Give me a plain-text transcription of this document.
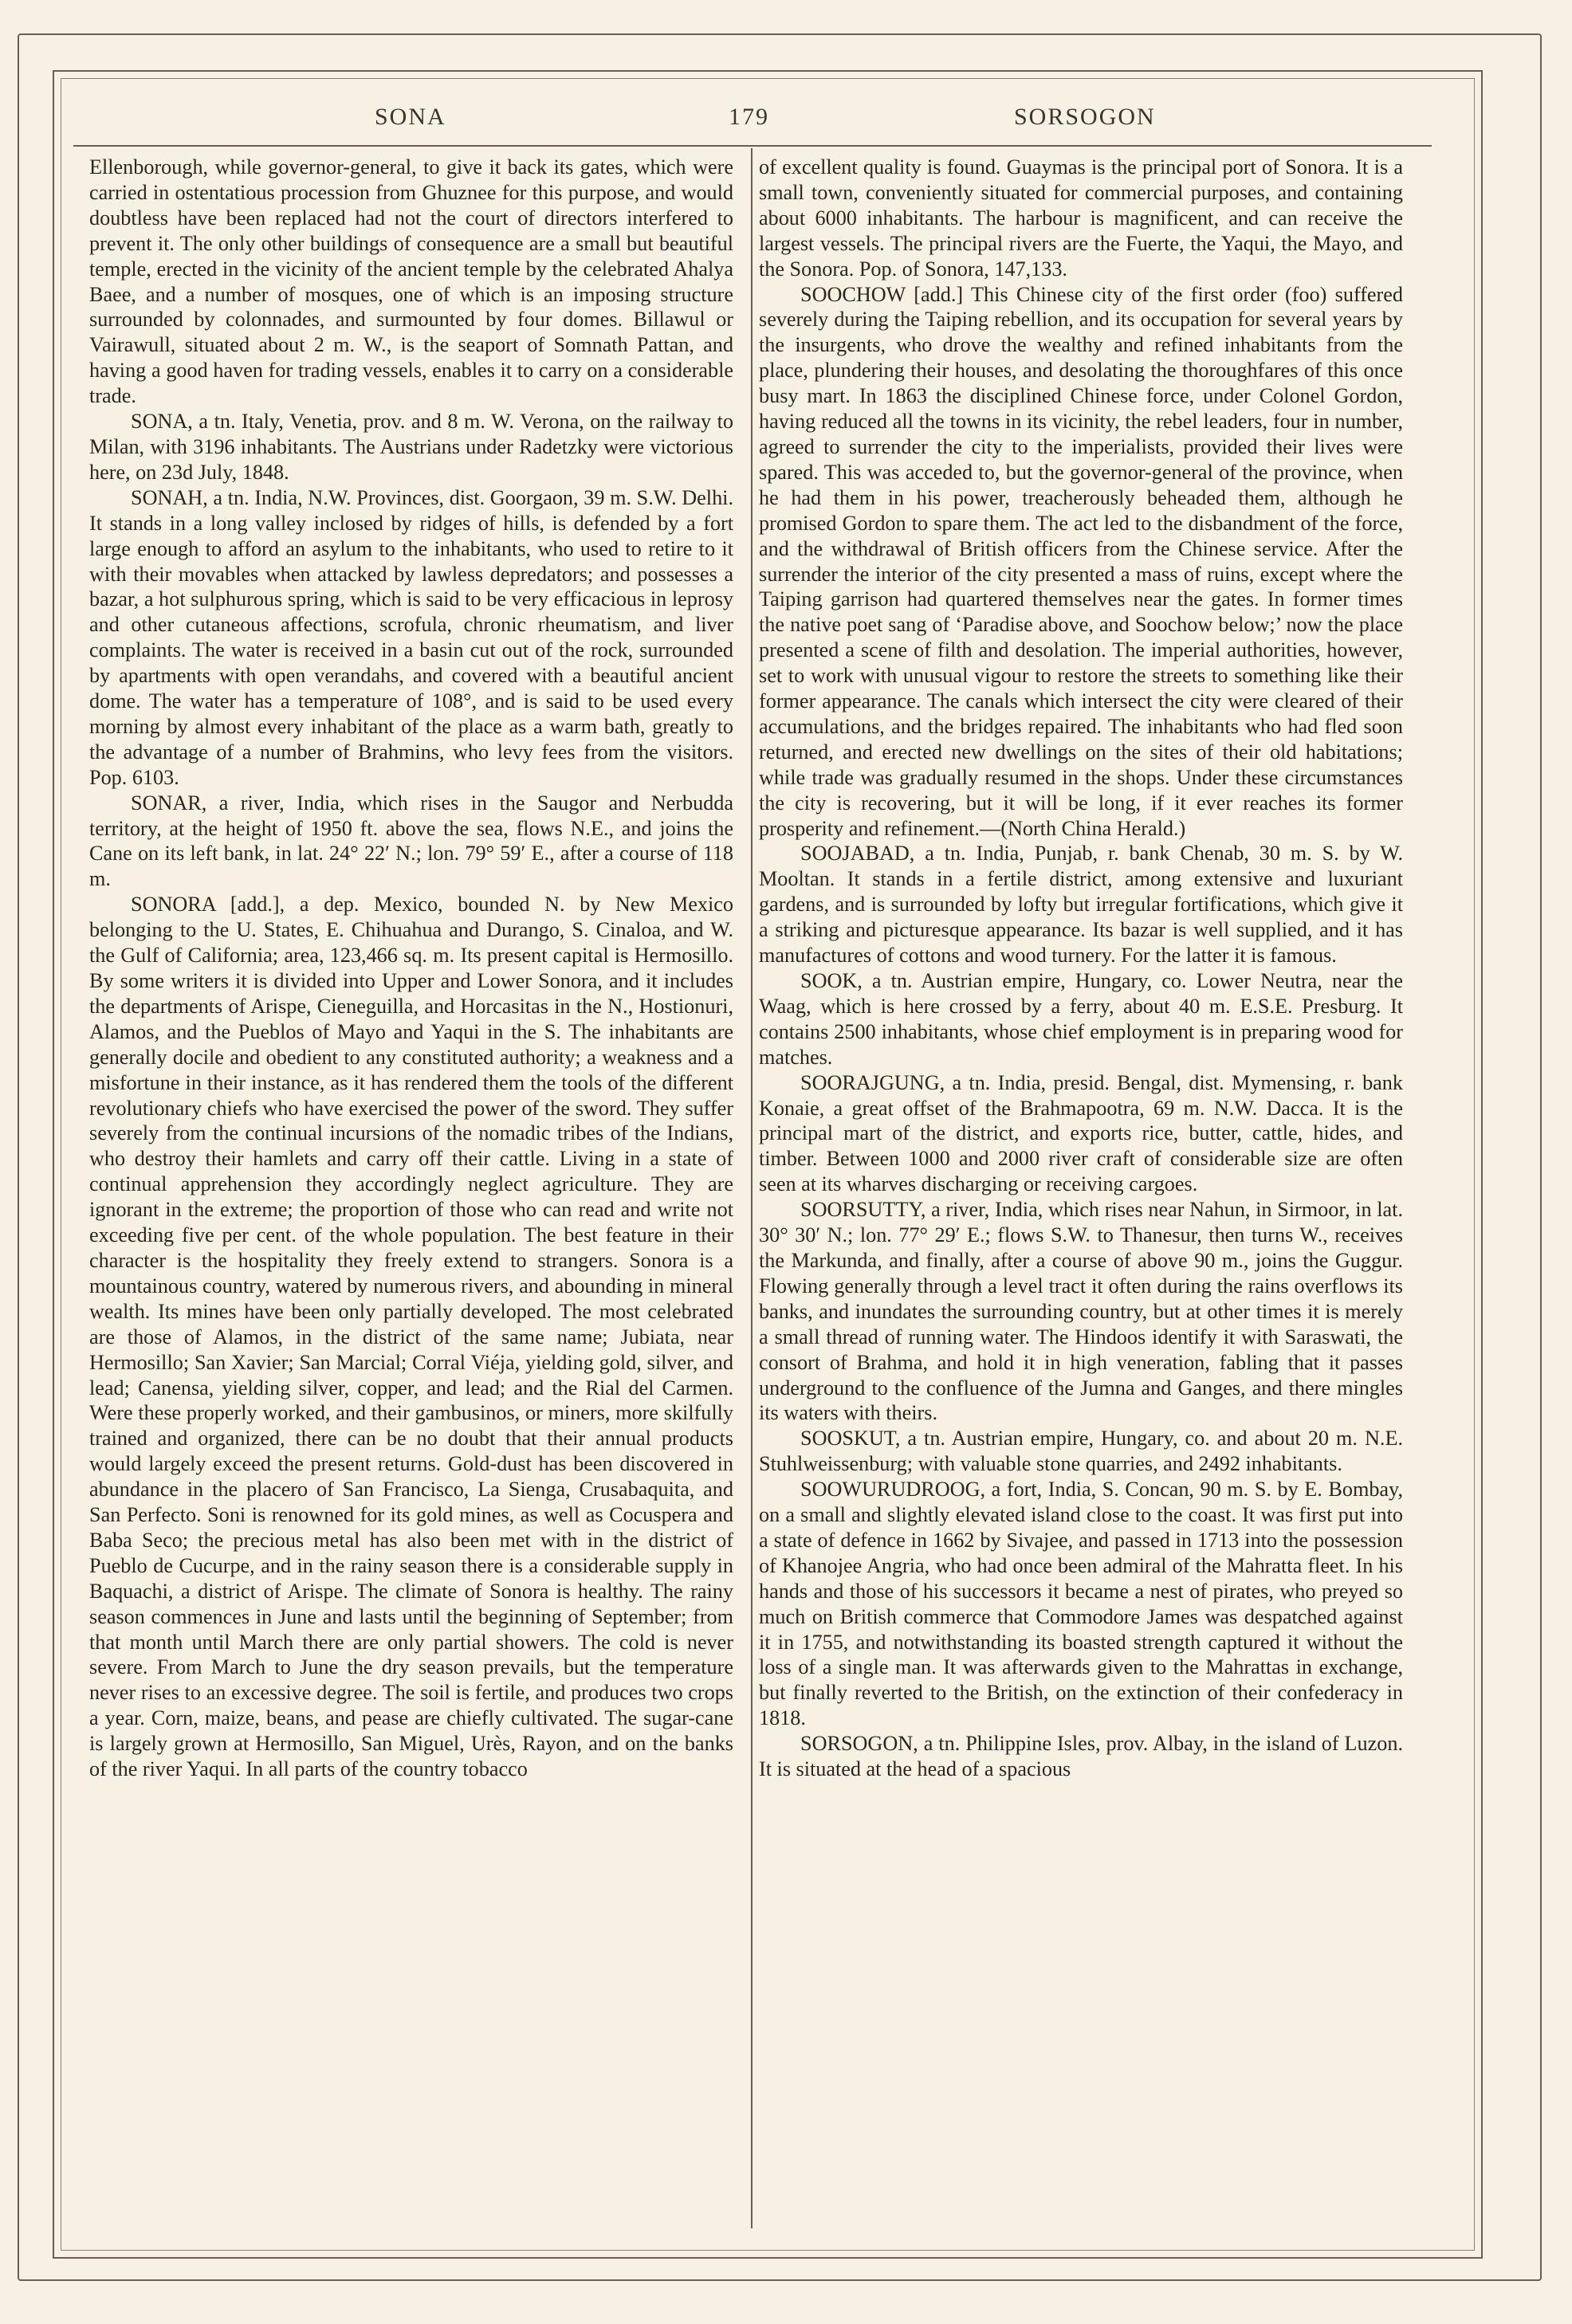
SONA	179	SORSOGON

Ellenborough, while governor-general, to give it back its gates, which were carried in ostentatious procession from Ghuznee for this purpose, and would doubtless have been replaced had not the court of directors interfered to prevent it. The only other buildings of consequence are a small but beautiful temple, erected in the vicinity of the ancient temple by the celebrated Ahalya Baee, and a number of mosques, one of which is an imposing structure surrounded by colonnades, and surmounted by four domes. Billawul or Vairawull, situated about 2 m. W., is the seaport of Somnath Pattan, and having a good haven for trading vessels, enables it to carry on a considerable trade.

SONA, a tn. Italy, Venetia, prov. and 8 m. W. Verona, on the railway to Milan, with 3196 inhabitants. The Austrians under Radetzky were victorious here, on 23d July, 1848.

SONAH, a tn. India, N.W. Provinces, dist. Goorgaon, 39 m. S.W. Delhi. It stands in a long valley inclosed by ridges of hills, is defended by a fort large enough to afford an asylum to the inhabitants, who used to retire to it with their movables when attacked by lawless depredators; and possesses a bazar, a hot sulphurous spring, which is said to be very efficacious in leprosy and other cutaneous affections, scrofula, chronic rheumatism, and liver complaints. The water is received in a basin cut out of the rock, surrounded by apartments with open verandahs, and covered with a beautiful ancient dome. The water has a temperature of 108°, and is said to be used every morning by almost every inhabitant of the place as a warm bath, greatly to the advantage of a number of Brahmins, who levy fees from the visitors. Pop. 6103.

SONAR, a river, India, which rises in the Saugor and Nerbudda territory, at the height of 1950 ft. above the sea, flows N.E., and joins the Cane on its left bank, in lat. 24° 22′ N.; lon. 79° 59′ E., after a course of 118 m.

SONORA [add.], a dep. Mexico, bounded N. by New Mexico belonging to the U. States, E. Chihuahua and Durango, S. Cinaloa, and W. the Gulf of California; area, 123,466 sq. m. Its present capital is Hermosillo. By some writers it is divided into Upper and Lower Sonora, and it includes the departments of Arispe, Cieneguilla, and Horcasitas in the N., Hostionuri, Alamos, and the Pueblos of Mayo and Yaqui in the S. The inhabitants are generally docile and obedient to any constituted authority; a weakness and a misfortune in their instance, as it has rendered them the tools of the different revolutionary chiefs who have exercised the power of the sword. They suffer severely from the continual incursions of the nomadic tribes of the Indians, who destroy their hamlets and carry off their cattle. Living in a state of continual apprehension they accordingly neglect agriculture. They are ignorant in the extreme; the proportion of those who can read and write not exceeding five per cent. of the whole population. The best feature in their character is the hospitality they freely extend to strangers. Sonora is a mountainous country, watered by numerous rivers, and abounding in mineral wealth. Its mines have been only partially developed. The most celebrated are those of Alamos, in the district of the same name; Jubiata, near Hermosillo; San Xavier; San Marcial; Corral Viéja, yielding gold, silver, and lead; Canensa, yielding silver, copper, and lead; and the Rial del Carmen. Were these properly worked, and their gambusinos, or miners, more skilfully trained and organized, there can be no doubt that their annual products would largely exceed the present returns. Gold-dust has been discovered in abundance in the placero of San Francisco, La Sienga, Crusabaquita, and San Perfecto. Soni is renowned for its gold mines, as well as Cocuspera and Baba Seco; the precious metal has also been met with in the district of Pueblo de Cucurpe, and in the rainy season there is a considerable supply in Baquachi, a district of Arispe. The climate of Sonora is healthy. The rainy season commences in June and lasts until the beginning of September; from that month until March there are only partial showers. The cold is never severe. From March to June the dry season prevails, but the temperature never rises to an excessive degree. The soil is fertile, and produces two crops a year. Corn, maize, beans, and pease are chiefly cultivated. The sugar-cane is largely grown at Hermosillo, San Miguel, Urès, Rayon, and on the banks of the river Yaqui. In all parts of the country tobacco

of excellent quality is found. Guaymas is the principal port of Sonora. It is a small town, conveniently situated for commercial purposes, and containing about 6000 inhabitants. The harbour is magnificent, and can receive the largest vessels. The principal rivers are the Fuerte, the Yaqui, the Mayo, and the Sonora. Pop. of Sonora, 147,133.

SOOCHOW [add.] This Chinese city of the first order (foo) suffered severely during the Taiping rebellion, and its occupation for several years by the insurgents, who drove the wealthy and refined inhabitants from the place, plundering their houses, and desolating the thoroughfares of this once busy mart. In 1863 the disciplined Chinese force, under Colonel Gordon, having reduced all the towns in its vicinity, the rebel leaders, four in number, agreed to surrender the city to the imperialists, provided their lives were spared. This was acceded to, but the governor-general of the province, when he had them in his power, treacherously beheaded them, although he promised Gordon to spare them. The act led to the disbandment of the force, and the withdrawal of British officers from the Chinese service. After the surrender the interior of the city presented a mass of ruins, except where the Taiping garrison had quartered themselves near the gates. In former times the native poet sang of ‘Paradise above, and Soochow below;’ now the place presented a scene of filth and desolation. The imperial authorities, however, set to work with unusual vigour to restore the streets to something like their former appearance. The canals which intersect the city were cleared of their accumulations, and the bridges repaired. The inhabitants who had fled soon returned, and erected new dwellings on the sites of their old habitations; while trade was gradually resumed in the shops. Under these circumstances the city is recovering, but it will be long, if it ever reaches its former prosperity and refinement.—(North China Herald.)

SOOJABAD, a tn. India, Punjab, r. bank Chenab, 30 m. S. by W. Mooltan. It stands in a fertile district, among extensive and luxuriant gardens, and is surrounded by lofty but irregular fortifications, which give it a striking and picturesque appearance. Its bazar is well supplied, and it has manufactures of cottons and wood turnery. For the latter it is famous.

SOOK, a tn. Austrian empire, Hungary, co. Lower Neutra, near the Waag, which is here crossed by a ferry, about 40 m. E.S.E. Presburg. It contains 2500 inhabitants, whose chief employment is in preparing wood for matches.

SOORAJGUNG, a tn. India, presid. Bengal, dist. Mymensing, r. bank Konaie, a great offset of the Brahmapootra, 69 m. N.W. Dacca. It is the principal mart of the district, and exports rice, butter, cattle, hides, and timber. Between 1000 and 2000 river craft of considerable size are often seen at its wharves discharging or receiving cargoes.

SOORSUTTY, a river, India, which rises near Nahun, in Sirmoor, in lat. 30° 30′ N.; lon. 77° 29′ E.; flows S.W. to Thanesur, then turns W., receives the Markunda, and finally, after a course of above 90 m., joins the Guggur. Flowing generally through a level tract it often during the rains overflows its banks, and inundates the surrounding country, but at other times it is merely a small thread of running water. The Hindoos identify it with Saraswati, the consort of Brahma, and hold it in high veneration, fabling that it passes underground to the confluence of the Jumna and Ganges, and there mingles its waters with theirs.

SOOSKUT, a tn. Austrian empire, Hungary, co. and about 20 m. N.E. Stuhlweissenburg; with valuable stone quarries, and 2492 inhabitants.

SOOWURUDROOG, a fort, India, S. Concan, 90 m. S. by E. Bombay, on a small and slightly elevated island close to the coast. It was first put into a state of defence in 1662 by Sivajee, and passed in 1713 into the possession of Khanojee Angria, who had once been admiral of the Mahratta fleet. In his hands and those of his successors it became a nest of pirates, who preyed so much on British commerce that Commodore James was despatched against it in 1755, and notwithstanding its boasted strength captured it without the loss of a single man. It was afterwards given to the Mahrattas in exchange, but finally reverted to the British, on the extinction of their confederacy in 1818.

SORSOGON, a tn. Philippine Isles, prov. Albay, in the island of Luzon. It is situated at the head of a spacious
